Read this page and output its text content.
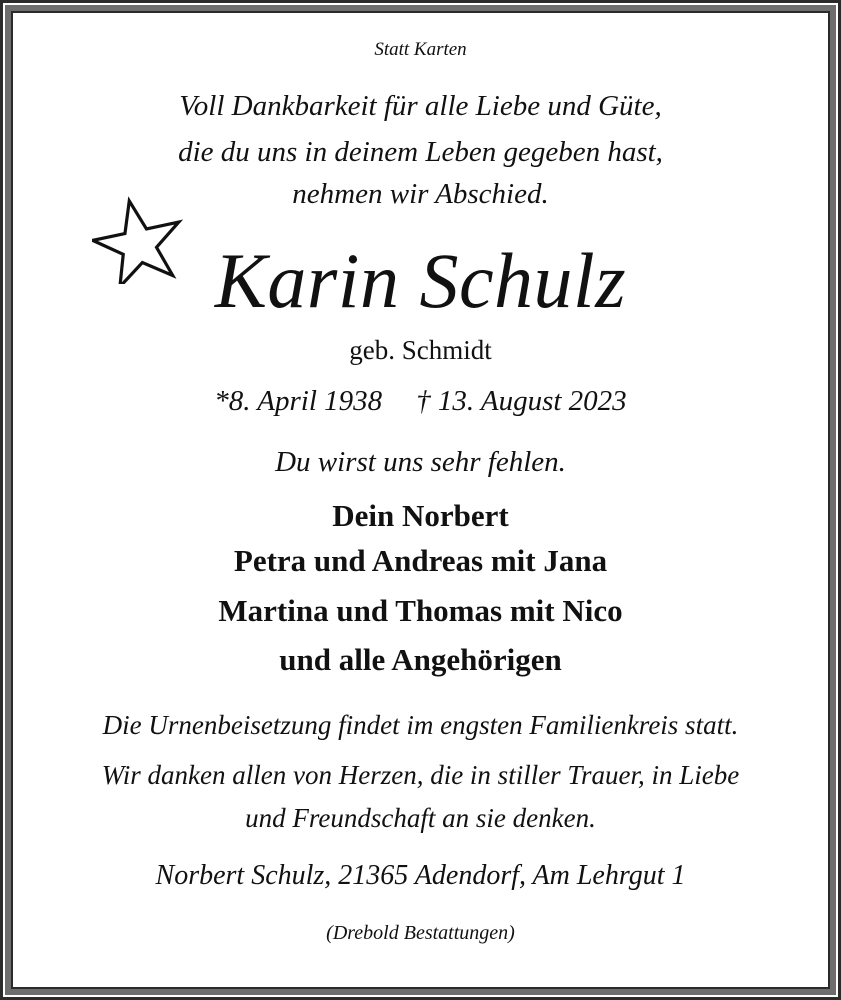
Statt Karten
Voll Dankbarkeit für alle Liebe und Güte,
die du uns in deinem Leben gegeben hast,
nehmen wir Abschied.
Karin Schulz
geb. Schmidt
*8. April 1938 † 13. August 2023
Du wirst uns sehr fehlen.
Dein Norbert
Petra und Andreas mit Jana
Martina und Thomas mit Nico
und alle Angehörigen
Die Urnenbeisetzung findet im engsten Familienkreis statt.
Wir danken allen von Herzen, die in stiller Trauer, in Liebe
und Freundschaft an sie denken.
Norbert Schulz, 21365 Adendorf, Am Lehrgut 1
(Drebold Bestattungen)
